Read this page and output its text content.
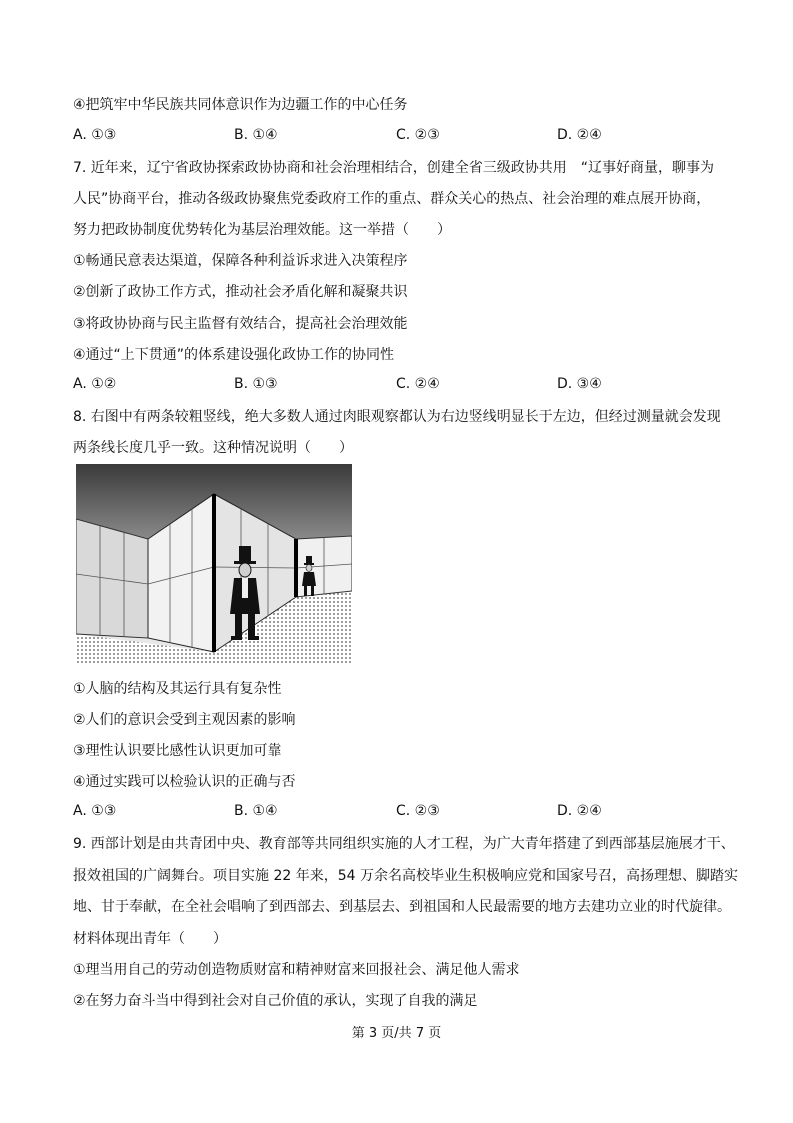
④把筑牢中华民族共同体意识作为边疆工作的中心任务
A. ①③	B. ①④	C. ②③	D. ②④
7. 近年来，辽宁省政协探索政协协商和社会治理相结合，创建全省三级政协共用　“辽事好商量，聊事为
人民”协商平台，推动各级政协聚焦党委政府工作的重点、群众关心的热点、社会治理的难点展开协商，
努力把政协制度优势转化为基层治理效能。这一举措（　　）
①畅通民意表达渠道，保障各种利益诉求进入决策程序
②创新了政协工作方式，推动社会矛盾化解和凝聚共识
③将政协协商与民主监督有效结合，提高社会治理效能
④通过“上下贯通”的体系建设强化政协工作的协同性
A. ①②	B. ①③	C. ②④	D. ③④
8. 右图中有两条较粗竖线，绝大多数人通过肉眼观察都认为右边竖线明显长于左边，但经过测量就会发现
两条线长度几乎一致。这种情况说明（　　）
①人脑的结构及其运行具有复杂性
②人们的意识会受到主观因素的影响
③理性认识要比感性认识更加可靠
④通过实践可以检验认识的正确与否
A. ①③	B. ①④	C. ②③	D. ②④
9. 西部计划是由共青团中央、教育部等共同组织实施的人才工程，为广大青年搭建了到西部基层施展才干、
报效祖国的广阔舞台。项目实施 22 年来，54 万余名高校毕业生积极响应党和国家号召，高扬理想、脚踏实
地、甘于奉献，在全社会唱响了到西部去、到基层去、到祖国和人民最需要的地方去建功立业的时代旋律。
材料体现出青年（　　）
①理当用自己的劳动创造物质财富和精神财富来回报社会、满足他人需求
②在努力奋斗当中得到社会对自己价值的承认，实现了自我的满足
第 3 页/共 7 页
